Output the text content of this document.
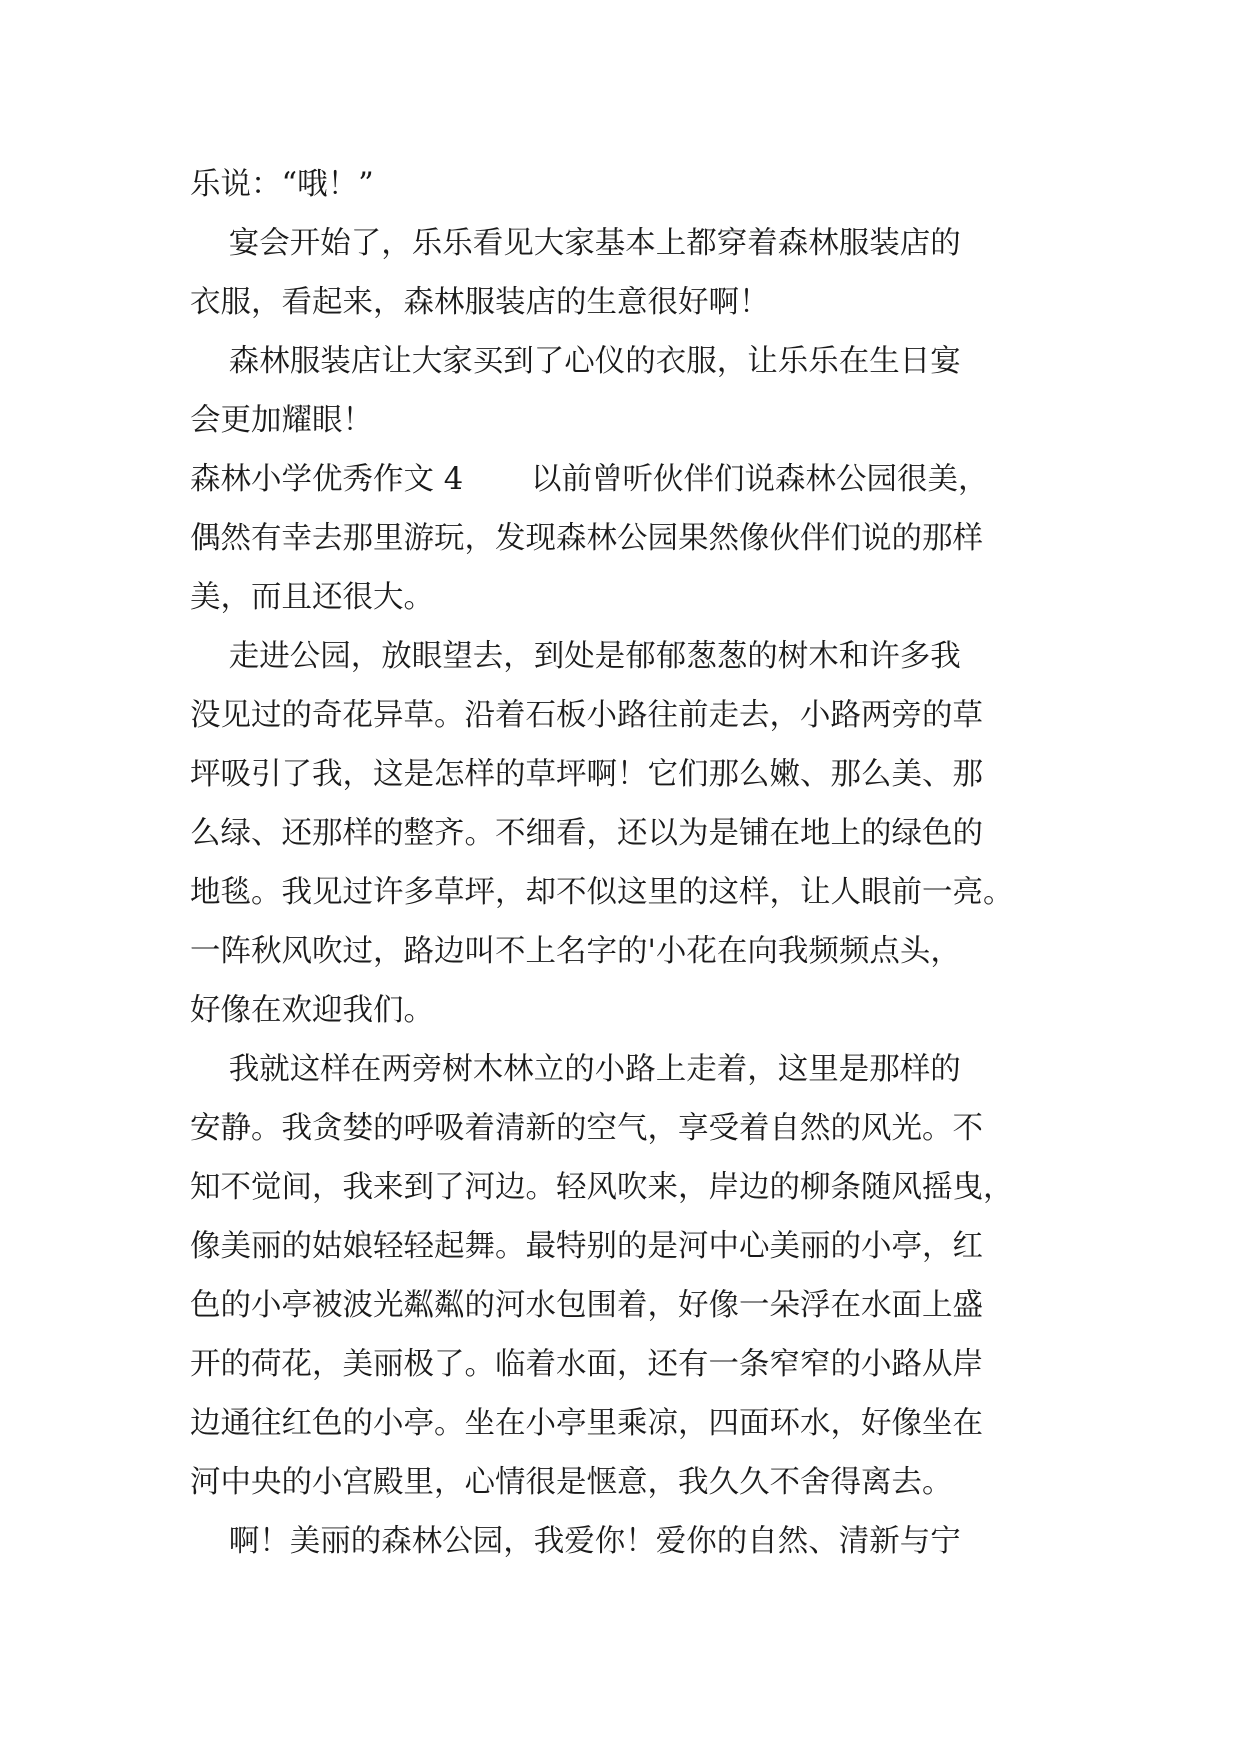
乐说：“哦！”
宴会开始了，乐乐看见大家基本上都穿着森林服装店的
衣服，看起来，森林服装店的生意很好啊！
森林服装店让大家买到了心仪的衣服，让乐乐在生日宴
会更加耀眼！
森林小学优秀作文 4       以前曾听伙伴们说森林公园很美，
偶然有幸去那里游玩，发现森林公园果然像伙伴们说的那样
美，而且还很大。
走进公园，放眼望去，到处是郁郁葱葱的树木和许多我
没见过的奇花异草。沿着石板小路往前走去，小路两旁的草
坪吸引了我，这是怎样的草坪啊！它们那么嫩、那么美、那
么绿、还那样的整齐。不细看，还以为是铺在地上的绿色的
地毯。我见过许多草坪，却不似这里的这样，让人眼前一亮。
一阵秋风吹过，路边叫不上名字的'小花在向我频频点头，
好像在欢迎我们。
我就这样在两旁树木林立的小路上走着，这里是那样的
安静。我贪婪的呼吸着清新的空气，享受着自然的风光。不
知不觉间，我来到了河边。轻风吹来，岸边的柳条随风摇曳，
像美丽的姑娘轻轻起舞。最特别的是河中心美丽的小亭，红
色的小亭被波光粼粼的河水包围着，好像一朵浮在水面上盛
开的荷花，美丽极了。临着水面，还有一条窄窄的小路从岸
边通往红色的小亭。坐在小亭里乘凉，四面环水，好像坐在
河中央的小宫殿里，心情很是惬意，我久久不舍得离去。
啊！美丽的森林公园，我爱你！爱你的自然、清新与宁
